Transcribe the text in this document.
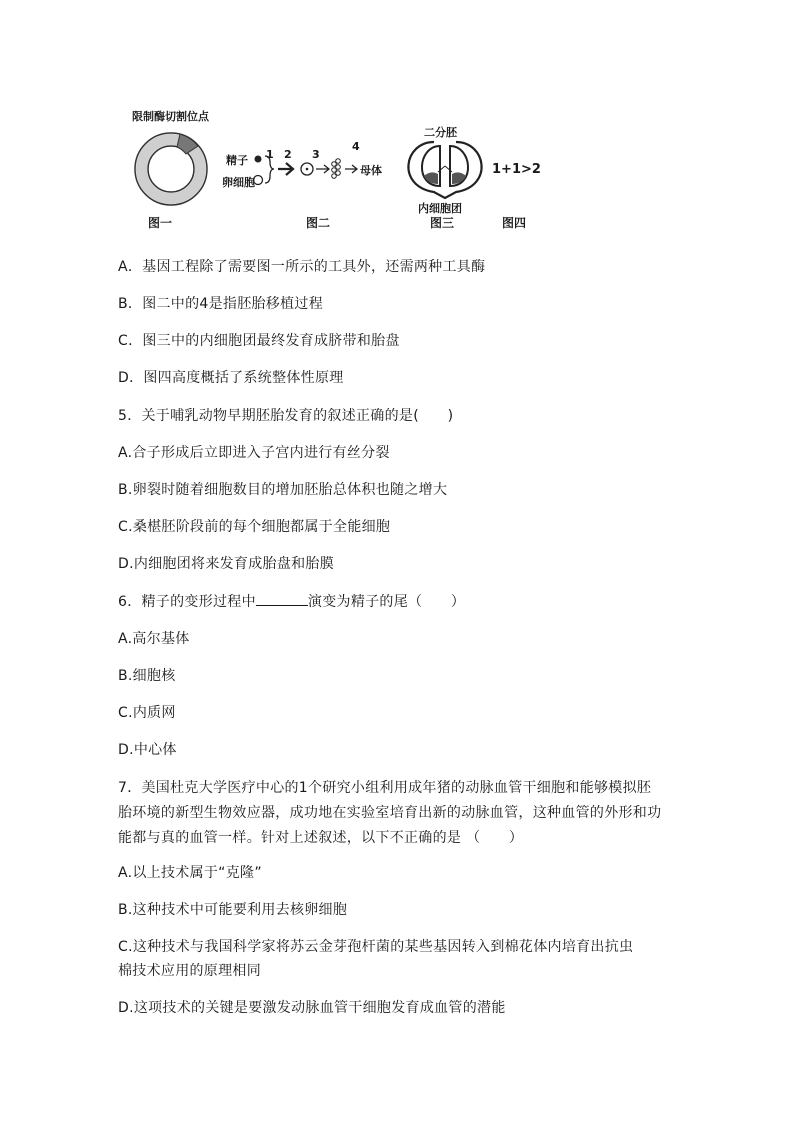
限制酶切割位点
图一
精子
卵细胞
1 2 3
4
母体
图二
二分胚
内细胞团
图三
1+1>2
图四
A．基因工程除了需要图一所示的工具外，还需两种工具酶
B．图二中的4是指胚胎移植过程
C．图三中的内细胞团最终发育成脐带和胎盘
D．图四高度概括了系统整体性原理
5．关于哺乳动物早期胚胎发育的叙述正确的是(　　)
A.合子形成后立即进入子宫内进行有丝分裂
B.卵裂时随着细胞数目的增加胚胎总体积也随之增大
C.桑椹胚阶段前的每个细胞都属于全能细胞
D.内细胞团将来发育成胎盘和胎膜
6．精子的变形过程中	演变为精子的尾（　　）
A.高尔基体
B.细胞核
C.内质网
D.中心体
7．美国杜克大学医疗中心的1个研究小组利用成年猪的动脉血管干细胞和能够模拟胚
胎环境的新型生物效应器，成功地在实验室培育出新的动脉血管，这种血管的外形和功
能都与真的血管一样。针对上述叙述，以下不正确的是 （　　）
A.以上技术属于“克隆”
B.这种技术中可能要利用去核卵细胞
C.这种技术与我国科学家将苏云金芽孢杆菌的某些基因转入到棉花体内培育出抗虫
棉技术应用的原理相同
D.这项技术的关键是要激发动脉血管干细胞发育成血管的潜能
